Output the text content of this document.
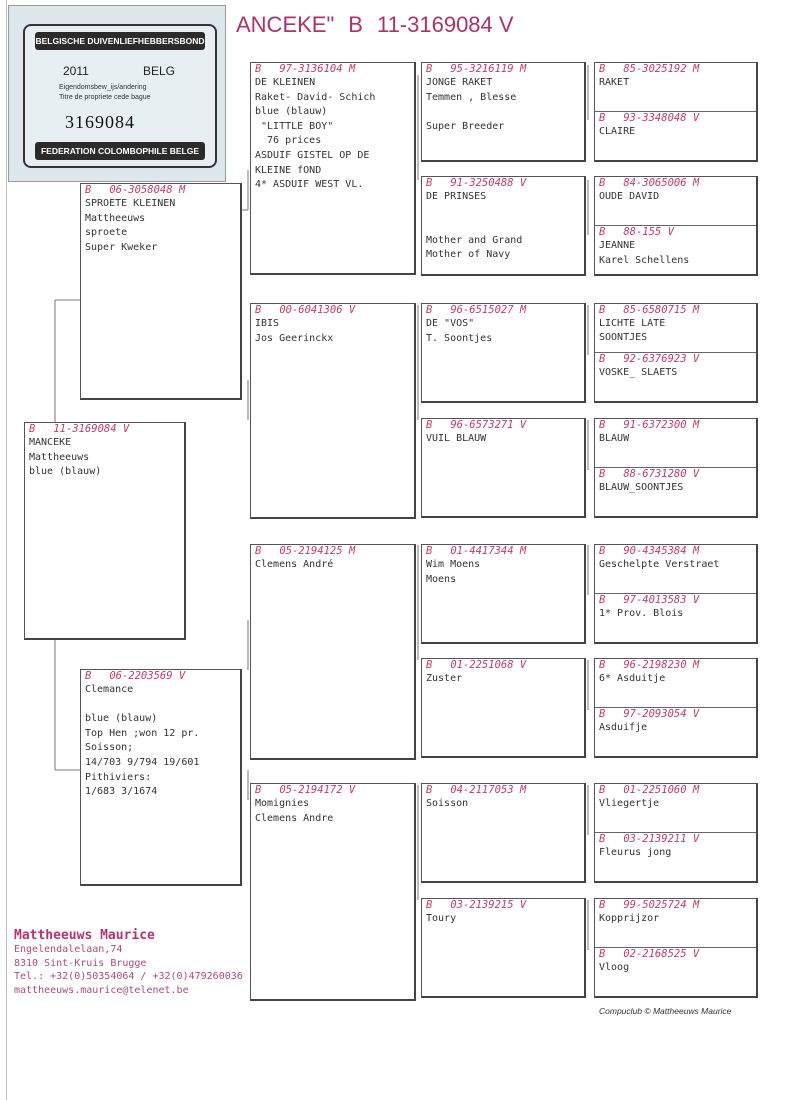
ANCEKE" B 11-3169084 V
BELGISCHE DUIVENLIEFHEBBERSBOND
2011	BELG
Eigendomsbew_ijs/andering
Titre de propriete cede bague
3169084
FEDERATION COLOMBOPHILE BELGE
B 11-3169084 V
MANCEKE
Mattheeuws
blue (blauw)
B 06-3058048 M
SPROETE KLEINEN
Mattheeuws
sproete
Super Kweker
B 06-2203569 V
Clemance

blue (blauw)
Top Hen ;won 12 pr.
Soisson;
14/703 9/794 19/601
Pithiviers:
1/683 3/1674
B 97-3136104 M
DE KLEINEN
Raket- David- Schich
blue (blauw)
"LITTLE BOY"
76 prices
ASDUIF GISTEL OP DE
KLEINE fOND
4* ASDUIF WEST VL.
B 00-6041306 V
IBIS
Jos Geerinckx
B 05-2194125 M
Clemens André
B 05-2194172 V
Momignies
Clemens Andre
B 95-3216119 M
JONGE RAKET
Temmen , Blesse

Super Breeder
B 91-3250488 V
DE PRINSES

Mother and Grand
Mother of Navy
B 96-6515027 M
DE "VOS"
T. Soontjes
B 96-6573271 V
VUIL BLAUW
B 01-4417344 M
Wim Moens
Moens
B 01-2251068 V
Zuster
B 04-2117053 M
Soisson
B 03-2139215 V
Toury
B 85-3025192 M
RAKET
B 93-3348048 V
CLAIRE
B 84-3065006 M
OUDE DAVID
B 88-155 V
JEANNE
Karel Schellens
B 85-6580715 M
LICHTE LATE
SOONTJES
B 92-6376923 V
VOSKE_ SLAETS
B 91-6372300 M
BLAUW
B 88-6731280 V
BLAUW_SOONTJES
B 90-4345384 M
Geschelpte Verstraet
B 97-4013583 V
1* Prov. Blois
B 96-2198230 M
6* Asduitje
B 97-2093054 V
Asduifje
B 01-2251060 M
Vliegertje
B 03-2139211 V
Fleurus jong
B 99-5025724 M
Kopprijzor
B 02-2168525 V
Vloog
Mattheeuws Maurice
Engelendalelaan,74
8310 Sint-Kruis Brugge
Tel.: +32(0)50354064 / +32(0)479260036
mattheeuws.maurice@telenet.be
Compuclub © Mattheeuws Maurice
